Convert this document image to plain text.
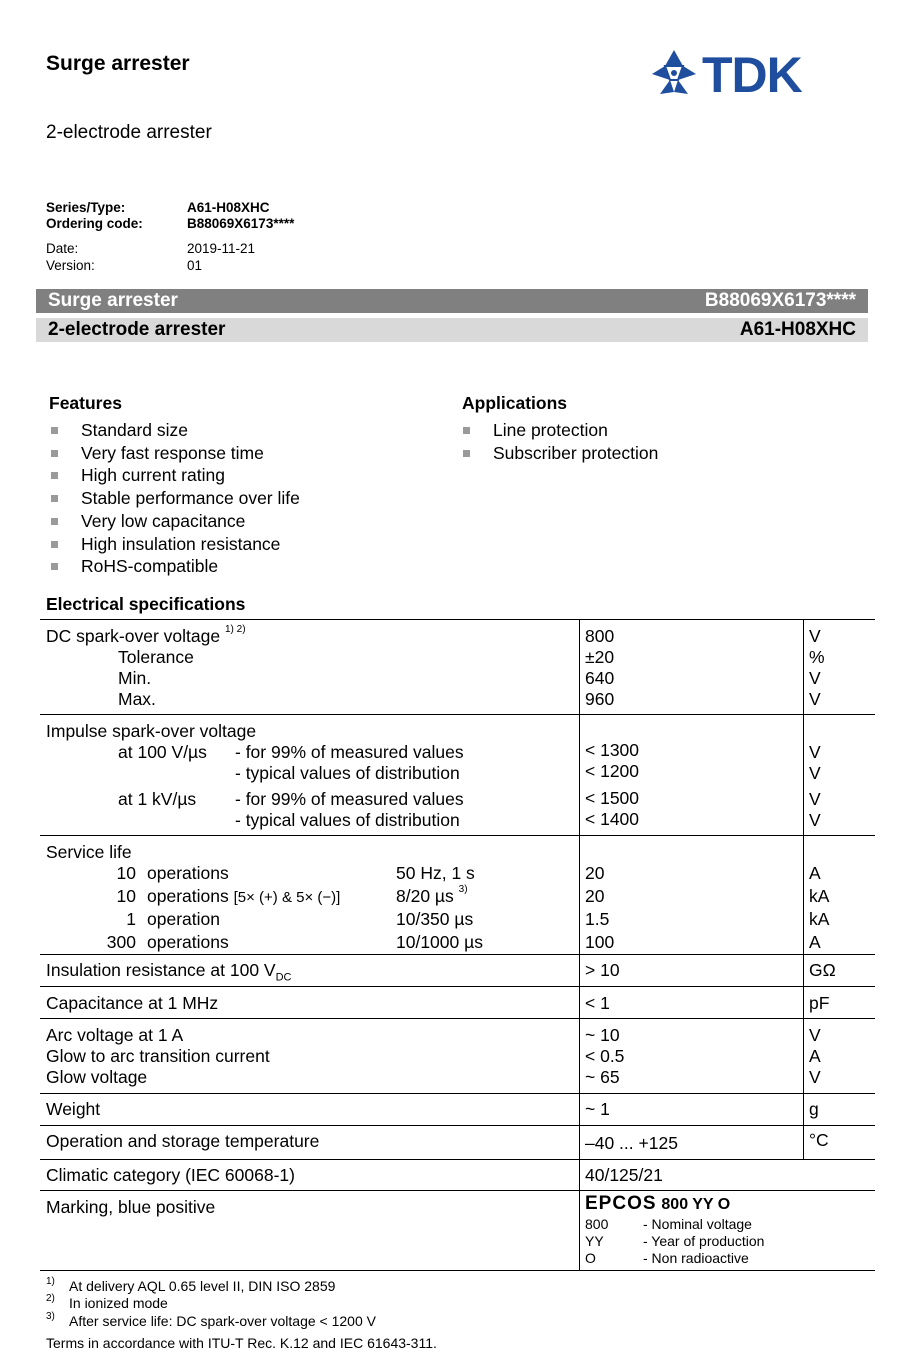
Surge arrester
2-electrode arrester
TDK
Series/Type:	A61-H08XHC
Ordering code:	B88069X6173****
Date:	2019-11-21
Version:	01
Surge arrester	B88069X6173****
2-electrode arrester	A61-H08XHC
Features
Standard size
Very fast response time
High current rating
Stable performance over life
Very low capacitance
High insulation resistance
RoHS-compatible
Applications
Line protection
Subscriber protection
Electrical specifications
DC spark-over voltage $^{1) 2)}$	800	V
Tolerance	±20	%
Min.	640	V
Max.	960	V
Impulse spark-over voltage
at 100 V/µs - for 99% of measured values	< 1300	V
- typical values of distribution	< 1200	V
at 1 kV/µs - for 99% of measured values	< 1500	V
- typical values of distribution	< 1400	V
Service life
10 operations	50 Hz, 1 s	20	A
10 operations [5× (+) & 5× (−)]	8/20 µs $^{3)}$	20	kA
1 operation	10/350 µs	1.5	kA
300 operations	10/1000 µs	100	A
Insulation resistance at 100 $V_{DC}$	> 10	GΩ
Capacitance at 1 MHz	< 1	pF
Arc voltage at 1 A	~ 10	V
Glow to arc transition current	< 0.5	A
Glow voltage	~ 65	V
Weight	~ 1	g
Operation and storage temperature	–40 ... +125	°C
Climatic category (IEC 60068-1)	40/125/21
Marking, blue positive	EPCOS 800 YY O
800 - Nominal voltage
YY	- Year of production
O	- Non radioactive
1) At delivery AQL 0.65 level II, DIN ISO 2859
2) In ionized mode
3) After service life: DC spark-over voltage < 1200 V
Terms in accordance with ITU-T Rec. K.12 and IEC 61643-311.
